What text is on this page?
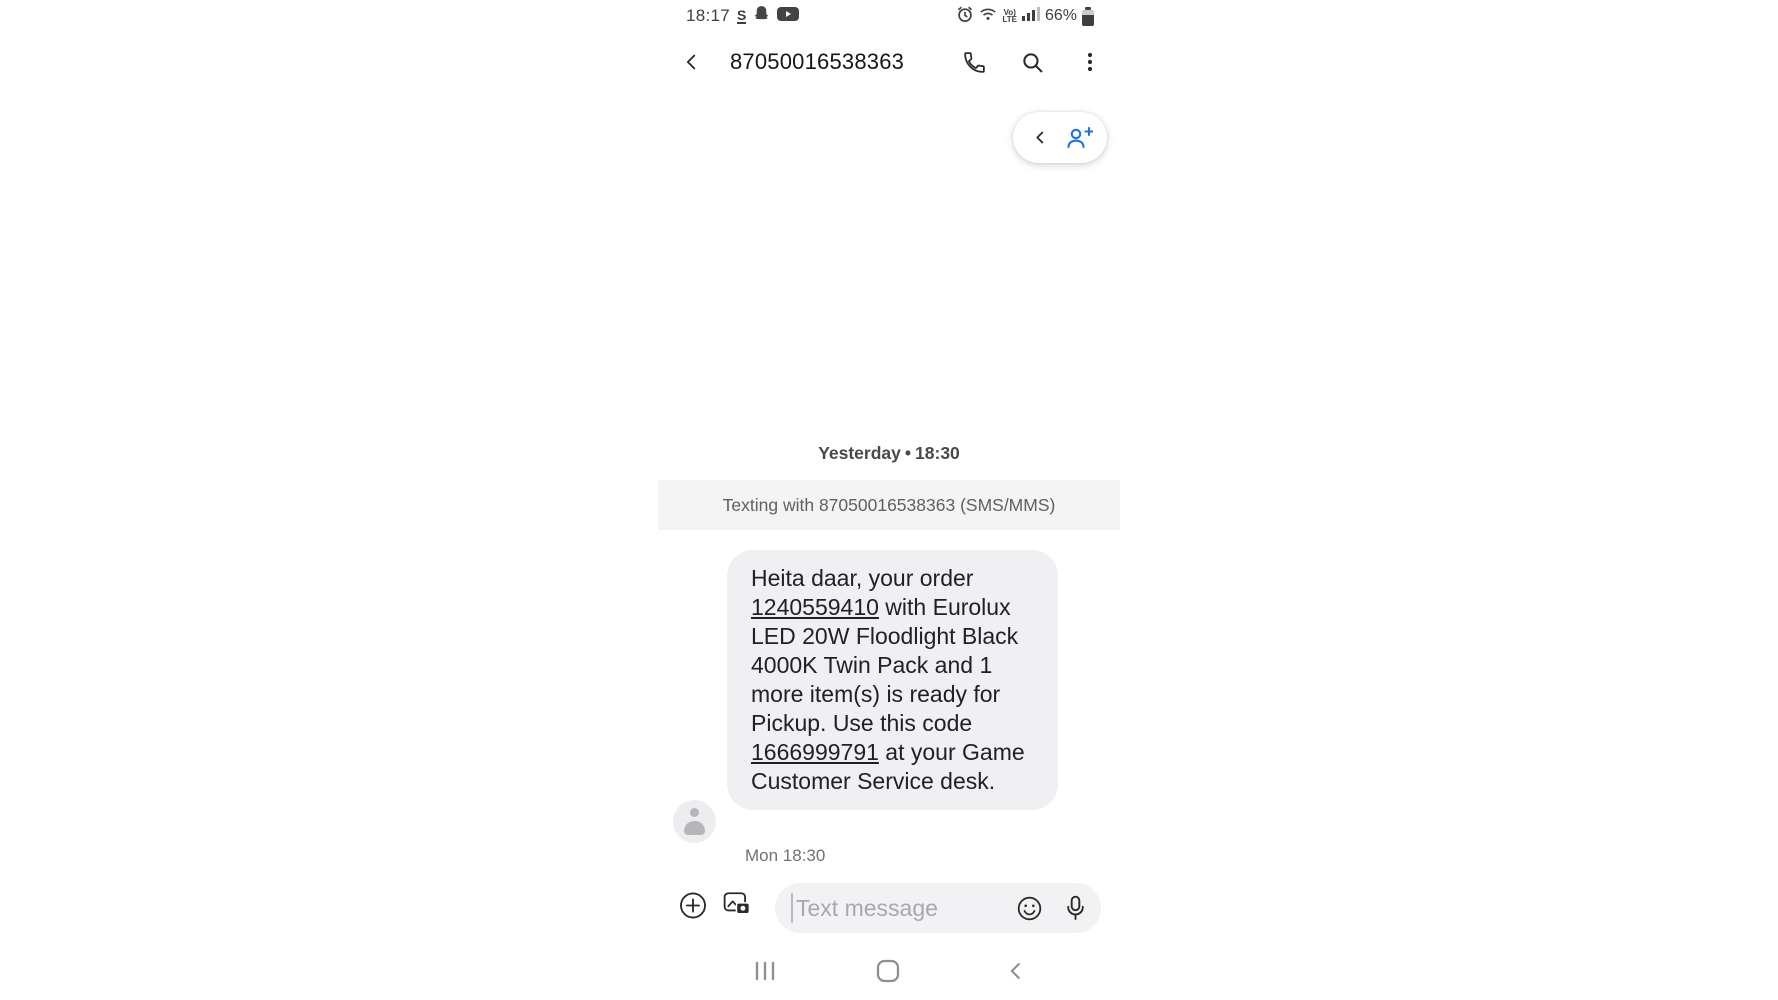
18:17 S	Vo)
LTE 66%
87050016538363
Yesterday • 18:30
Texting with 87050016538363 (SMS/MMS)
Heita daar, your order 1240559410 with Eurolux LED 20W Floodlight Black 4000K Twin Pack and 1 more item(s) is ready for Pickup. Use this code 1666999791 at your Game Customer Service desk.
Mon 18:30
Text message
